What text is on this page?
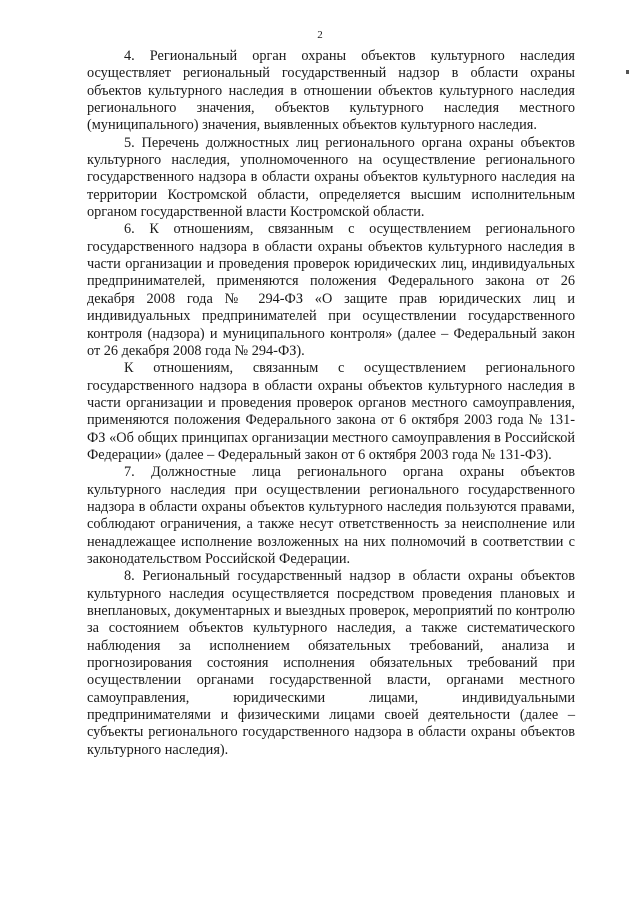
2

4. Региональный орган охраны объектов культурного наследия осуществляет региональный государственный надзор в области охраны объектов культурного наследия в отношении объектов культурного наследия регионального значения, объектов культурного наследия местного (муниципального) значения, выявленных объектов культурного наследия.

5. Перечень должностных лиц регионального органа охраны объектов культурного наследия, уполномоченного на осуществление регионального государственного надзора в области охраны объектов культурного наследия на территории Костромской области, определяется высшим исполнительным органом государственной власти Костромской области.

6. К отношениям, связанным с осуществлением регионального государственного надзора в области охраны объектов культурного наследия в части организации и проведения проверок юридических лиц, индивидуальных предпринимателей, применяются положения Федерального закона от 26 декабря 2008 года № 294-ФЗ «О защите прав юридических лиц и индивидуальных предпринимателей при осуществлении государственного контроля (надзора) и муниципального контроля» (далее – Федеральный закон от 26 декабря 2008 года № 294-ФЗ).

К отношениям, связанным с осуществлением регионального государственного надзора в области охраны объектов культурного наследия в части организации и проведения проверок органов местного самоуправления, применяются положения Федерального закона от 6 октября 2003 года № 131-ФЗ «Об общих принципах организации местного самоуправления в Российской Федерации» (далее – Федеральный закон от 6 октября 2003 года № 131-ФЗ).

7. Должностные лица регионального органа охраны объектов культурного наследия при осуществлении регионального государственного надзора в области охраны объектов культурного наследия пользуются правами, соблюдают ограничения, а также несут ответственность за неисполнение или ненадлежащее исполнение возложенных на них полномочий в соответствии с законодательством Российской Федерации.

8. Региональный государственный надзор в области охраны объектов культурного наследия осуществляется посредством проведения плановых и внеплановых, документарных и выездных проверок, мероприятий по контролю за состоянием объектов культурного наследия, а также систематического наблюдения за исполнением обязательных требований, анализа и прогнозирования состояния исполнения обязательных требований при осуществлении органами государственной власти, органами местного самоуправления, юридическими лицами, индивидуальными предпринимателями и физическими лицами своей деятельности (далее – субъекты регионального государственного надзора в области охраны объектов культурного наследия).
